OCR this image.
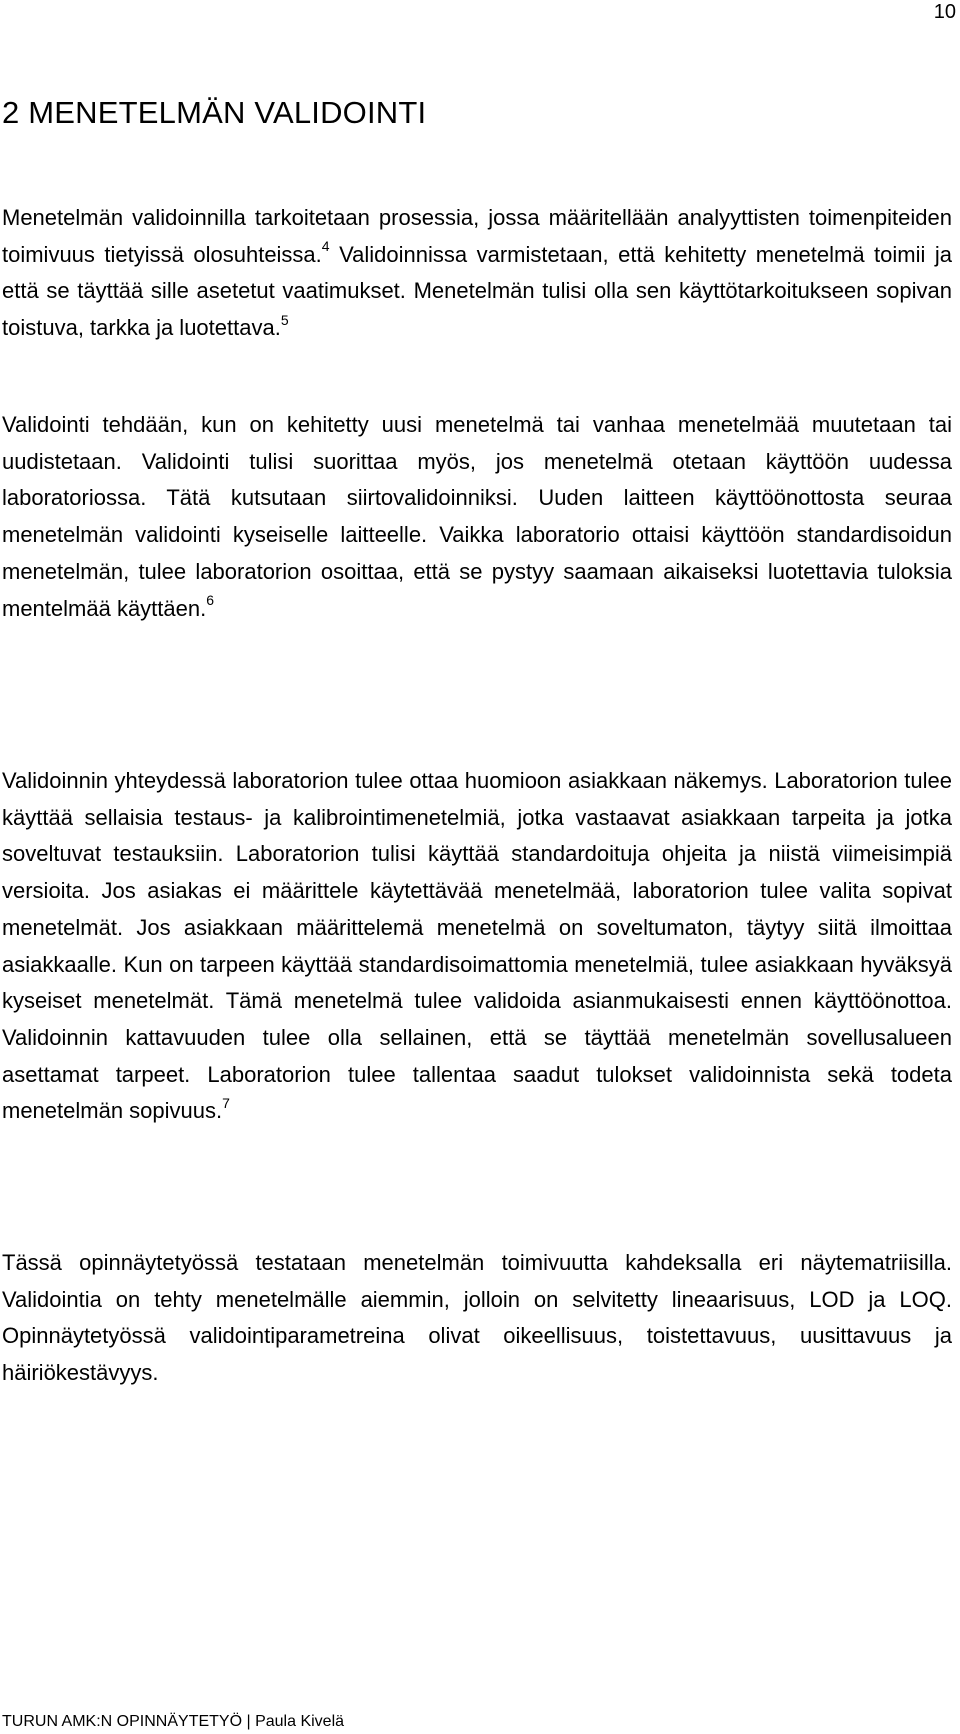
10
2 MENETELMÄN VALIDOINTI

Menetelmän validoinnilla tarkoitetaan prosessia, jossa määritellään analyyttisten toimenpiteiden toimivuus tietyissä olosuhteissa.$^4$ Validoinnissa varmistetaan, että kehitetty menetelmä toimii ja että se täyttää sille asetetut vaatimukset. Menetelmän tulisi olla sen käyttötarkoitukseen sopivan toistuva, tarkka ja luotettava.$^5$

Validointi tehdään, kun on kehitetty uusi menetelmä tai vanhaa menetelmää muutetaan tai uudistetaan. Validointi tulisi suorittaa myös, jos menetelmä otetaan käyttöön uudessa laboratoriossa. Tätä kutsutaan siirtovalidoinniksi. Uuden laitteen käyttöönottosta seuraa menetelmän validointi kyseiselle laitteelle. Vaikka laboratorio ottaisi käyttöön standardisoidun menetelmän, tulee laboratorion osoittaa, että se pystyy saamaan aikaiseksi luotettavia tuloksia mentelmää käyttäen.$^6$

Validoinnin yhteydessä laboratorion tulee ottaa huomioon asiakkaan näkemys. Laboratorion tulee käyttää sellaisia testaus- ja kalibrointimenetelmiä, jotka vastaavat asiakkaan tarpeita ja jotka soveltuvat testauksiin. Laboratorion tulisi käyttää standardoituja ohjeita ja niistä viimeisimpiä versioita. Jos asiakas ei määrittele käytettävää menetelmää, laboratorion tulee valita sopivat menetelmät. Jos asiakkaan määrittelemä menetelmä on soveltumaton, täytyy siitä ilmoittaa asiakkaalle. Kun on tarpeen käyttää standardisoimattomia menetelmiä, tulee asiakkaan hyväksyä kyseiset menetelmät. Tämä menetelmä tulee validoida asianmukaisesti ennen käyttöönottoa. Validoinnin kattavuuden tulee olla sellainen, että se täyttää menetelmän sovellusalueen asettamat tarpeet. Laboratorion tulee tallentaa saadut tulokset validoinnista sekä todeta menetelmän sopivuus.$^7$

Tässä opinnäytetyössä testataan menetelmän toimivuutta kahdeksalla eri näytematriisilla. Validointia on tehty menetelmälle aiemmin, jolloin on selvitetty lineaarisuus, LOD ja LOQ. Opinnäytetyössä validointiparametreina olivat oikeellisuus, toistettavuus, uusittavuus ja häiriökestävyys.

TURUN AMK:N OPINNÄYTETYÖ | Paula Kivelä
